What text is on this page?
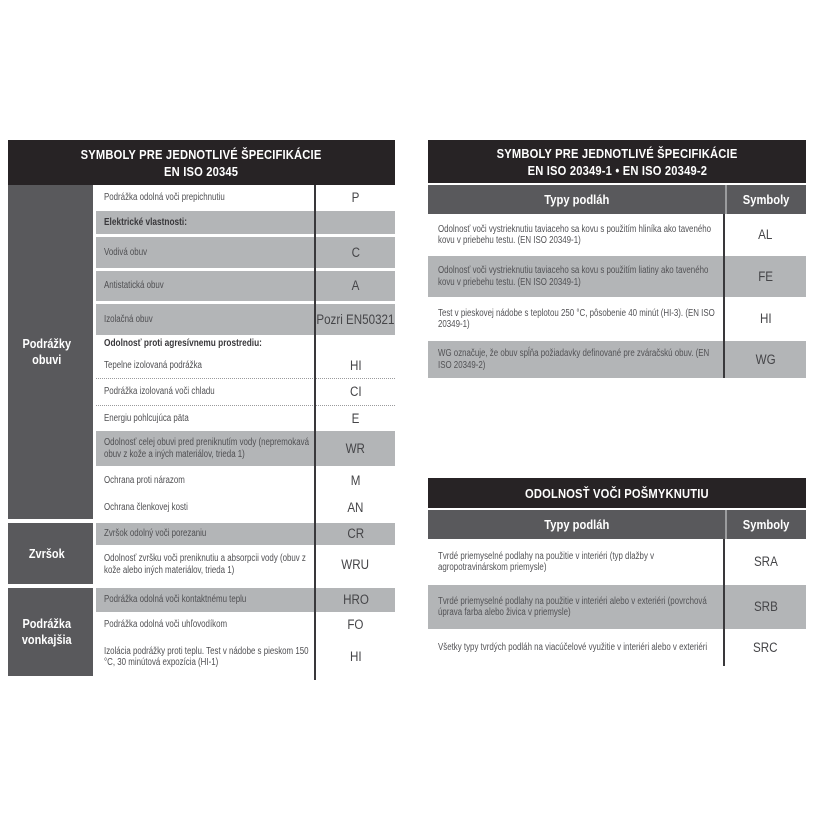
SYMBOLY PRE JEDNOTLIVÉ ŠPECIFIKÁCIE
EN ISO 20345
Podrážky obuvi
Podrážka odolná voči prepichnutiu	P
Elektrické vlastnosti:
Vodivá obuv	C
Antistatická obuv	A
Izolačná obuv	Pozri EN50321
Odolnosť proti agresívnemu prostrediu:
Tepelne izolovaná podrážka	HI
Podrážka izolovaná voči chladu	CI
Energiu pohlcujúca päta	E
Odolnosť celej obuvi pred preniknutím vody (nepremokavá obuv z kože a iných materiálov, trieda 1)	WR
Ochrana proti nárazom	M
Ochrana členkovej kosti	AN
Zvršok
Zvršok odolný voči porezaniu	CR
Odolnosť zvršku voči preniknutiu a absorpcii vody (obuv z kože alebo iných materiálov, trieda 1)	WRU
Podrážka vonkajšia
Podrážka odolná voči kontaktnému teplu	HRO
Podrážka odolná voči uhľovodíkom	FO
Izolácia podrážky proti teplu. Test v nádobe s pieskom 150 °C, 30 minútová expozícia (HI-1)	HI
SYMBOLY PRE JEDNOTLIVÉ ŠPECIFIKÁCIE
EN ISO 20349-1 • EN ISO 20349-2
Typy podláh	Symboly
Odolnosť voči vystrieknutiu taviaceho sa kovu s použitím hliníka ako taveného kovu v priebehu testu. (EN ISO 20349-1)	AL
Odolnosť voči vystrieknutiu taviaceho sa kovu s použitím liatiny ako taveného kovu v priebehu testu. (EN ISO 20349-1)	FE
Test v pieskovej nádobe s teplotou 250 °C, pôsobenie 40 minút (HI-3). (EN ISO 20349-1)	HI
WG označuje, že obuv spĺňa požiadavky definované pre zváračskú obuv. (EN ISO 20349-2)	WG
ODOLNOSŤ VOČI POŠMYKNUTIU
Typy podláh	Symboly
Tvrdé priemyselné podlahy na použitie v interiéri (typ dlažby v agropotravinárskom priemysle)	SRA
Tvrdé priemyselné podlahy na použitie v interiéri alebo v exteriéri (povrchová úprava farba alebo živica v priemysle)	SRB
Všetky typy tvrdých podláh na viacúčelové využitie v interiéri alebo v exteriéri	SRC
